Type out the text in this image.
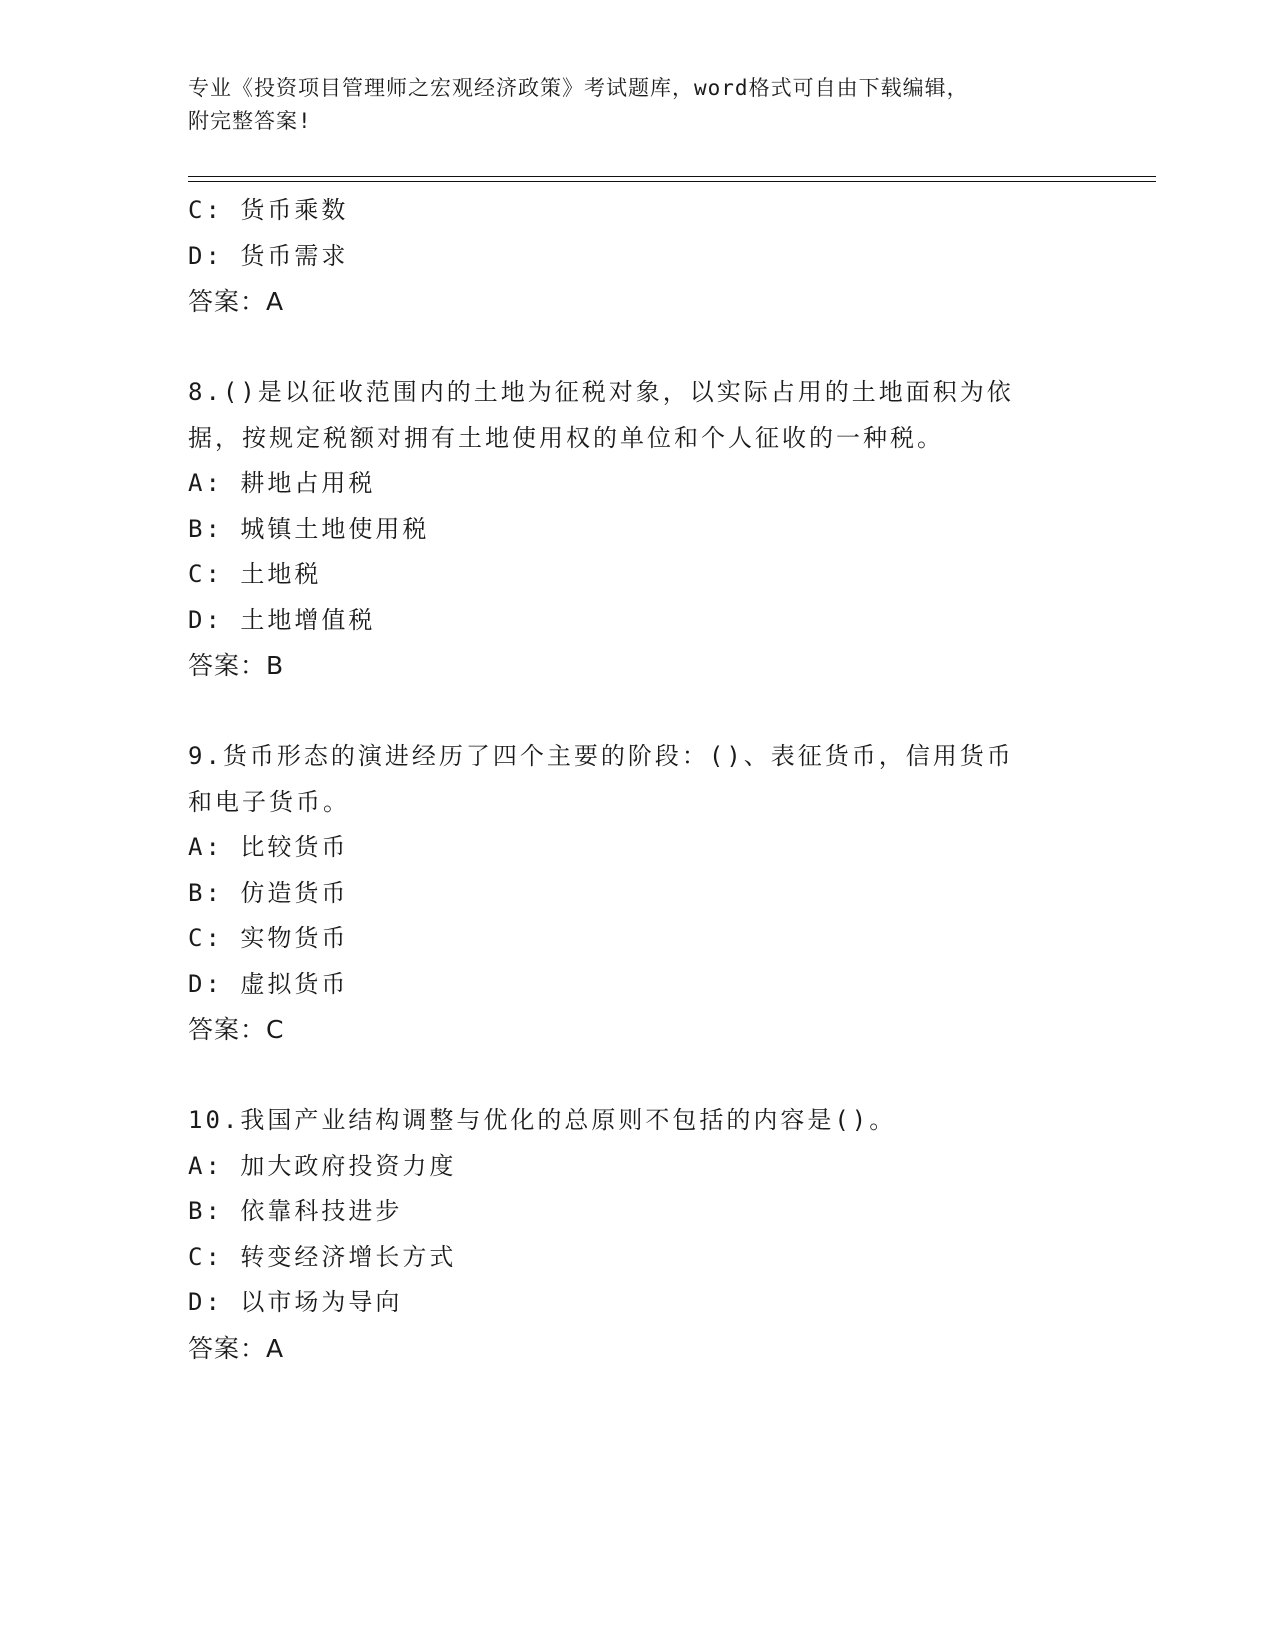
专业《投资项目管理师之宏观经济政策》考试题库，word格式可自由下载编辑，
附完整答案!
C: 货币乘数
D: 货币需求
答案：A
8.()是以征收范围内的土地为征税对象，以实际占用的土地面积为依
据，按规定税额对拥有土地使用权的单位和个人征收的一种税。
A: 耕地占用税
B: 城镇土地使用税
C: 土地税
D: 土地增值税
答案：B
9.货币形态的演进经历了四个主要的阶段：()、表征货币，信用货币
和电子货币。
A: 比较货币
B: 仿造货币
C: 实物货币
D: 虚拟货币
答案：C
10.我国产业结构调整与优化的总原则不包括的内容是()。
A: 加大政府投资力度
B: 依靠科技进步
C: 转变经济增长方式
D: 以市场为导向
答案：A
